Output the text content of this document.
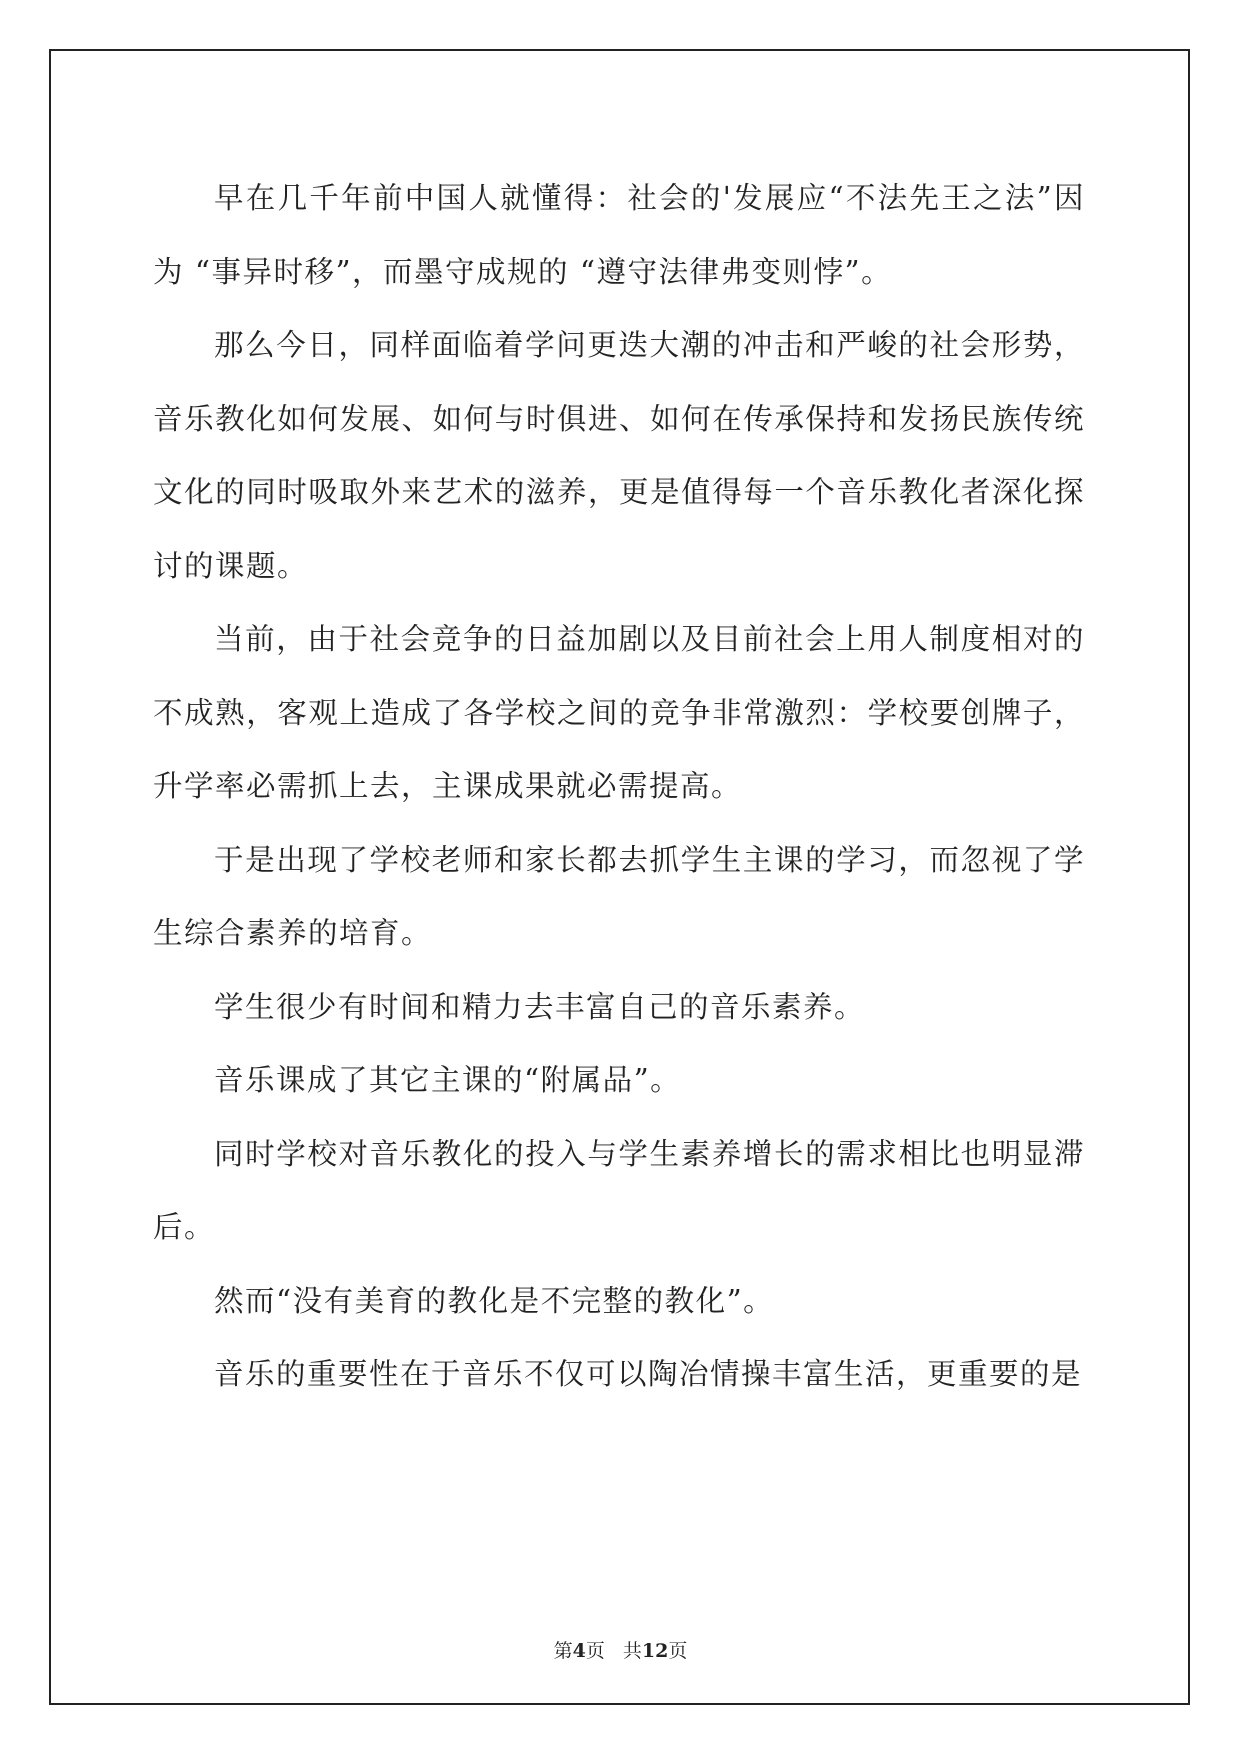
早在几千年前中国人就懂得：社会的'发展应“不法先王之法”因为 “事异时移”，而墨守成规的 “遵守法律弗变则悖”。

那么今日，同样面临着学问更迭大潮的冲击和严峻的社会形势，音乐教化如何发展、如何与时俱进、如何在传承保持和发扬民族传统文化的同时吸取外来艺术的滋养，更是值得每一个音乐教化者深化探讨的课题。

当前，由于社会竞争的日益加剧以及目前社会上用人制度相对的不成熟，客观上造成了各学校之间的竞争非常激烈：学校要创牌子，升学率必需抓上去，主课成果就必需提高。

于是出现了学校老师和家长都去抓学生主课的学习，而忽视了学生综合素养的培育。

学生很少有时间和精力去丰富自己的音乐素养。

音乐课成了其它主课的“附属品”。

同时学校对音乐教化的投入与学生素养增长的需求相比也明显滞后。

然而“没有美育的教化是不完整的教化”。

音乐的重要性在于音乐不仅可以陶冶情操丰富生活，更重要的是

第4页 共12页
